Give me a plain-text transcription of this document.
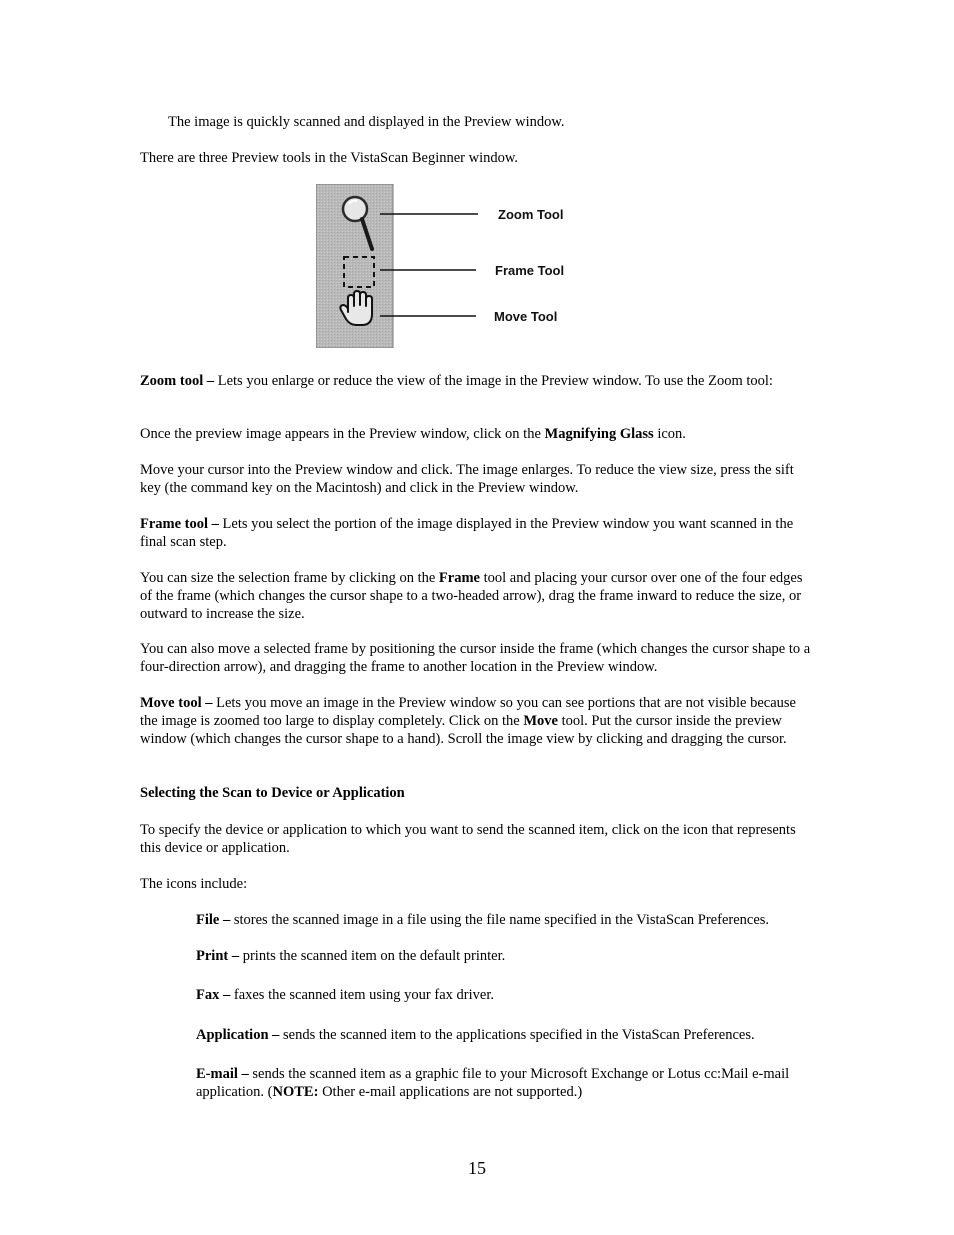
The image is quickly scanned and displayed in the Preview window.

There are three Preview tools in the VistaScan Beginner window.

Zoom Tool
Frame Tool
Move Tool

Zoom tool – Lets you enlarge or reduce the view of the image in the Preview window. To use the Zoom tool:

Once the preview image appears in the Preview window, click on the Magnifying Glass icon.

Move your cursor into the Preview window and click. The image enlarges. To reduce the view size, press the sift key (the command key on the Macintosh) and click in the Preview window.

Frame tool – Lets you select the portion of the image displayed in the Preview window you want scanned in the final scan step.

You can size the selection frame by clicking on the Frame tool and placing your cursor over one of the four edges of the frame (which changes the cursor shape to a two-headed arrow), drag the frame inward to reduce the size, or outward to increase the size.

You can also move a selected frame by positioning the cursor inside the frame (which changes the cursor shape to a four-direction arrow), and dragging the frame to another location in the Preview window.

Move tool – Lets you move an image in the Preview window so you can see portions that are not visible because the image is zoomed too large to display completely. Click on the Move tool. Put the cursor inside the preview window (which changes the cursor shape to a hand). Scroll the image view by clicking and dragging the cursor.

Selecting the Scan to Device or Application

To specify the device or application to which you want to send the scanned item, click on the icon that represents this device or application.

The icons include:

File – stores the scanned image in a file using the file name specified in the VistaScan Preferences.

Print – prints the scanned item on the default printer.

Fax – faxes the scanned item using your fax driver.

Application – sends the scanned item to the applications specified in the VistaScan Preferences.

E-mail – sends the scanned item as a graphic file to your Microsoft Exchange or Lotus cc:Mail e-mail application. (NOTE: Other e-mail applications are not supported.)

15
